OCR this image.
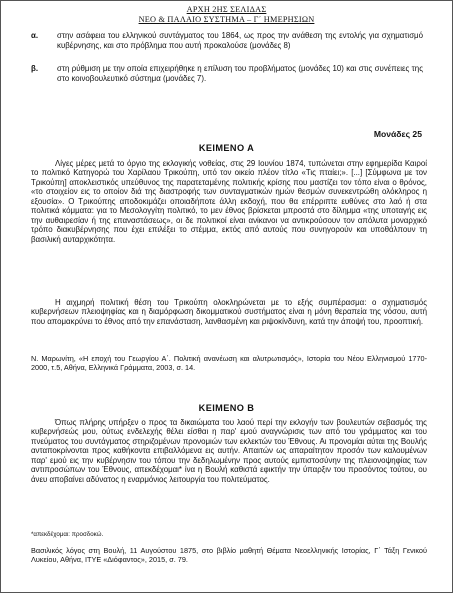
ΑΡΧΗ 2ΗΣ ΣΕΛΙΔΑΣ
ΝΕΟ & ΠΑΛΑΙΟ ΣΥΣΤΗΜΑ – Γ΄ ΗΜΕΡΗΣΙΩΝ
α. στην ασάφεια του ελληνικού συντάγματος του 1864, ως προς την ανάθεση της εντολής για σχηματισμό κυβέρνησης, και στο πρόβλημα που αυτή προκαλούσε (μονάδες 8)
β. στη ρύθμιση με την οποία επιχειρήθηκε η επίλυση του προβλήματος (μονάδες 10) και στις συνέπειες της στο κοινοβουλευτικό σύστημα (μονάδες 7).
Μονάδες 25
ΚΕΙΜΕΝΟ Α
Λίγες μέρες μετά το όργιο της εκλογικής νοθείας, στις 29 Ιουνίου 1874, τυπώνεται στην εφημερίδα Καιροί το πολιτικό Κατηγορώ του Χαρίλαου Τρικούπη, υπό τον οικείο πλέον τίτλο «Τις πταίει;». [...] [Σύμφωνα με τον Τρικούπη] αποκλειστικός υπεύθυνος της παρατεταμένης πολιτικής κρίσης που μαστίζει τον τόπο είναι ο θρόνος, «το στοιχείον εις το οποίον διά της διαστροφής των συνταγματικών ημών θεσμών συνεκεντρώθη ολόκληρος η εξουσία». Ο Τρικούπης αποδοκιμάζει οποιαδήποτε άλλη εκδοχή, που θα επέρριπτε ευθύνες στο λαό ή στα πολιτικά κόμματα: για το Μεσολογγίτη πολιτικό, το μεν έθνος βρίσκεται μπροστά στο δίλημμα «της υποταγής εις την αυθαιρεσίαν ή της επαναστάσεως», οι δε πολιτικοί είναι ανίκανοι να αντικρούσουν τον απόλυτα μοναρχικό τρόπο διακυβέρνησης που έχει επιλέξει το στέμμα, εκτός από αυτούς που συνηγορούν και υποθάλπουν τη βασιλική αυταρχικότητα.
Η αιχμηρή πολιτική θέση του Τρικούπη ολοκληρώνεται με το εξής συμπέρασμα: ο σχηματισμός κυβερνήσεων πλειοψηφίας και η διαμόρφωση δικομματικού συστήματος είναι η μόνη θεραπεία της νόσου, αυτή που απομακρύνει το έθνος από την επανάσταση, λανθασμένη και ριψοκίνδυνη, κατά την άποψή του, προοπτική.
Ν. Μαρωνίτη, «Η εποχή του Γεωργίου Α΄. Πολιτική ανανέωση και αλυτρωτισμός», Ιστορία του Νέου Ελληνισμού 1770-2000, τ.5, Αθήνα, Ελληνικά Γράμματα, 2003, σ. 14.
ΚΕΙΜΕΝΟ Β
Όπως πλήρης υπήρξεν ο προς τα δικαιώματα του λαού περί την εκλογήν των βουλευτών σεβασμός της κυβερνήσεώς μου, ούτως ενδελεχής θέλει είσθαι η παρ' εμού αναγνώρισις των από του γράμματος και του πνεύματος του συντάγματος στηριζομένων προνομιών των εκλεκτών του Έθνους. Αι προνομίαι αύται της Βουλής ανταποκρίνονται προς καθήκοντα επιβαλλόμενα εις αυτήν. Απαιτών ως απαραίτητον προσόν των καλουμένων παρ' εμού εις την κυβέρνησιν του τόπου την δεδηλωμένην προς αυτούς εμπιστοσύνην της πλειονοψηφίας των αντιπροσώπων του Έθνους, απεκδέχομαι* ίνα η Βουλή καθιστά εφικτήν την ύπαρξιν του προσόντος τούτου, ου άνευ αποβαίνει αδύνατος η εναρμόνιος λειτουργία του πολιτεύματος.
*απεκδέχομαι: προσδοκώ.
Βασιλικός λόγος στη Βουλή, 11 Αυγούστου 1875, στο βιβλίο μαθητή Θέματα Νεοελληνικής Ιστορίας, Γ΄ Τάξη Γενικού Λυκείου, Αθήνα, ΙΤΥΕ «Διόφαντος», 2015, σ. 79.
